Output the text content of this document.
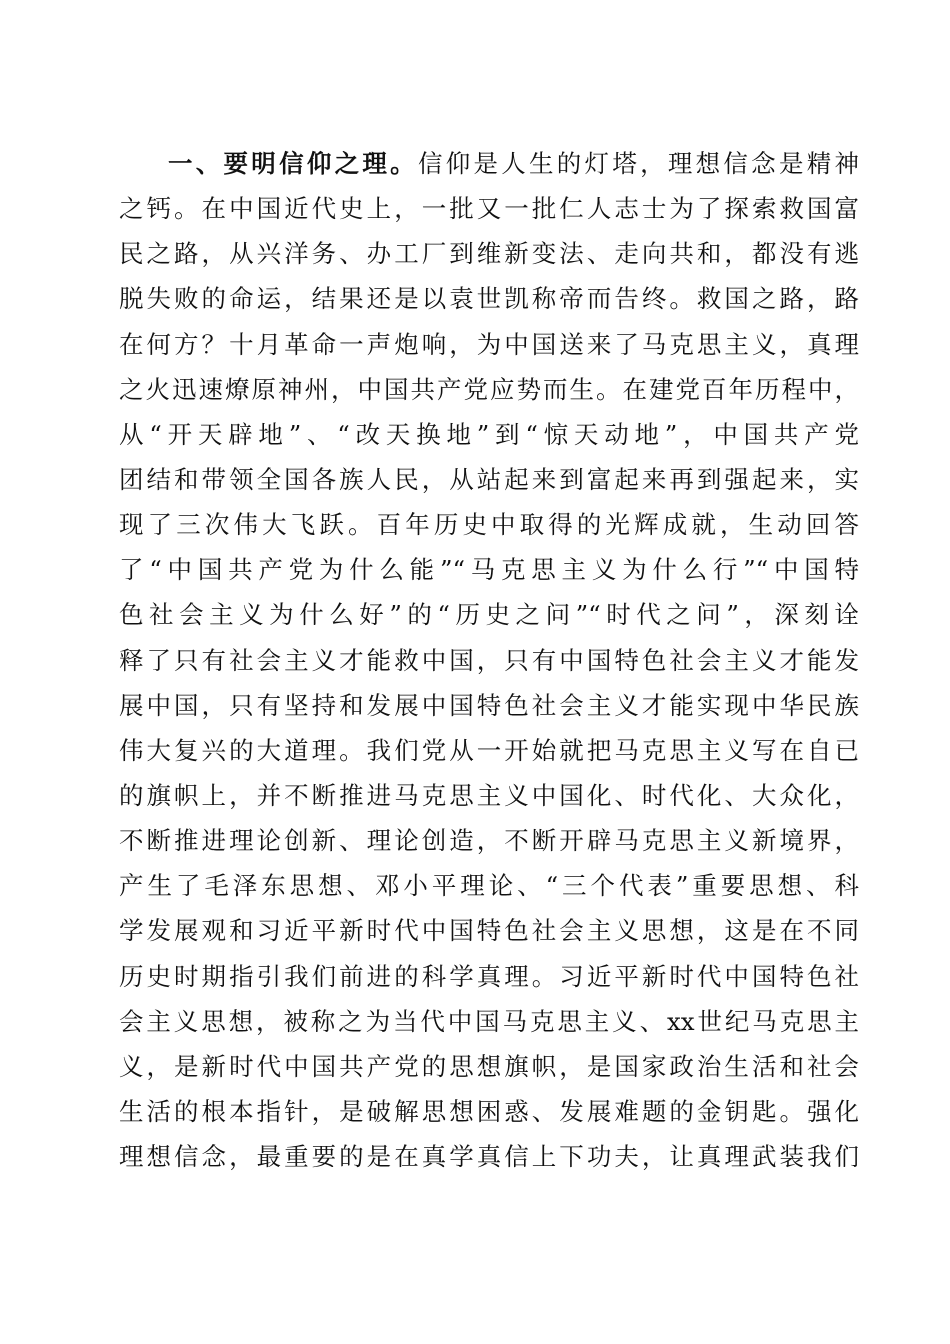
一、要明信仰之理。信仰是人生的灯塔，理想信念是精神
之钙。在中国近代史上，一批又一批仁人志士为了探索救国富
民之路，从兴洋务、办工厂到维新变法、走向共和，都没有逃
脱失败的命运，结果还是以袁世凯称帝而告终。救国之路，路
在何方？十月革命一声炮响，为中国送来了马克思主义，真理
之火迅速燎原神州，中国共产党应势而生。在建党百年历程中，
从“开天辟地”、“改天换地”到“惊天动地”，中国共产党
团结和带领全国各族人民，从站起来到富起来再到强起来，实
现了三次伟大飞跃。百年历史中取得的光辉成就，生动回答
了“中国共产党为什么能”“马克思主义为什么行”“中国特
色社会主义为什么好”的“历史之问”“时代之问”，深刻诠
释了只有社会主义才能救中国，只有中国特色社会主义才能发
展中国，只有坚持和发展中国特色社会主义才能实现中华民族
伟大复兴的大道理。我们党从一开始就把马克思主义写在自已
的旗帜上，并不断推进马克思主义中国化、时代化、大众化，
不断推进理论创新、理论创造，不断开辟马克思主义新境界，
产生了毛泽东思想、邓小平理论、“三个代表”重要思想、科
学发展观和习近平新时代中国特色社会主义思想，这是在不同
历史时期指引我们前进的科学真理。习近平新时代中国特色社
会主义思想，被称之为当代中国马克思主义、xx世纪马克思主
义，是新时代中国共产党的思想旗帜，是国家政治生活和社会
生活的根本指针，是破解思想困惑、发展难题的金钥匙。强化
理想信念，最重要的是在真学真信上下功夫，让真理武装我们
